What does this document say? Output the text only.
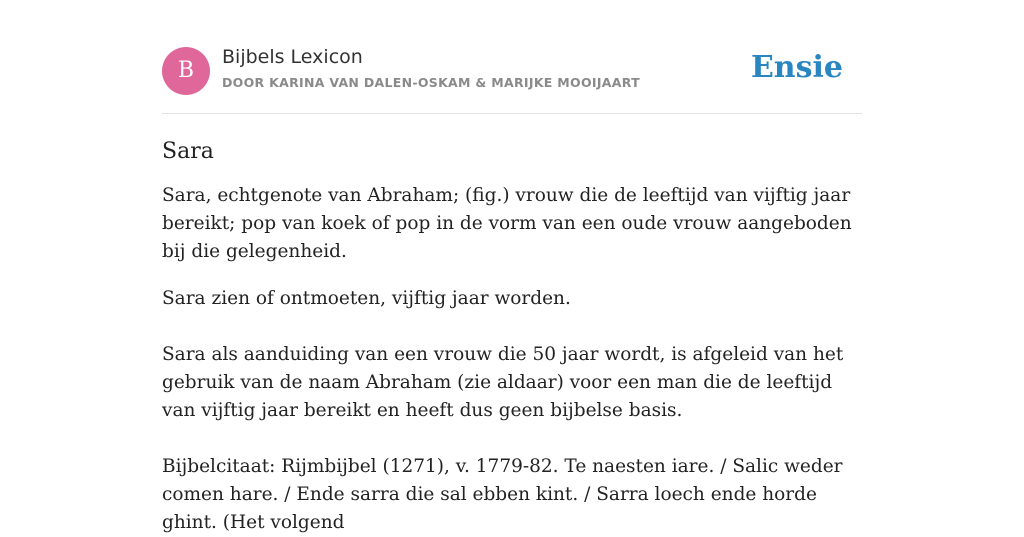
B
Bijbels Lexicon
DOOR KARINA VAN DALEN-OSKAM & MARIJKE MOOIJAART	Ensie
Sara

Sara, echtgenote van Abraham; (fig.) vrouw die de leeftijd van vijftig jaar bereikt; pop van koek of pop in de vorm van een oude vrouw aangeboden bij die gelegenheid.

Sara zien of ontmoeten, vijftig jaar worden.

Sara als aanduiding van een vrouw die 50 jaar wordt, is afgeleid van het gebruik van de naam Abraham (zie aldaar) voor een man die de leeftijd van vijftig jaar bereikt en heeft dus geen bijbelse basis.

Bijbelcitaat: Rijmbijbel (1271), v. 1779-82. Te naesten iare. / Salic weder comen hare. / Ende sarra die sal ebben kint. / Sarra loech ende horde ghint. (Het volgend
